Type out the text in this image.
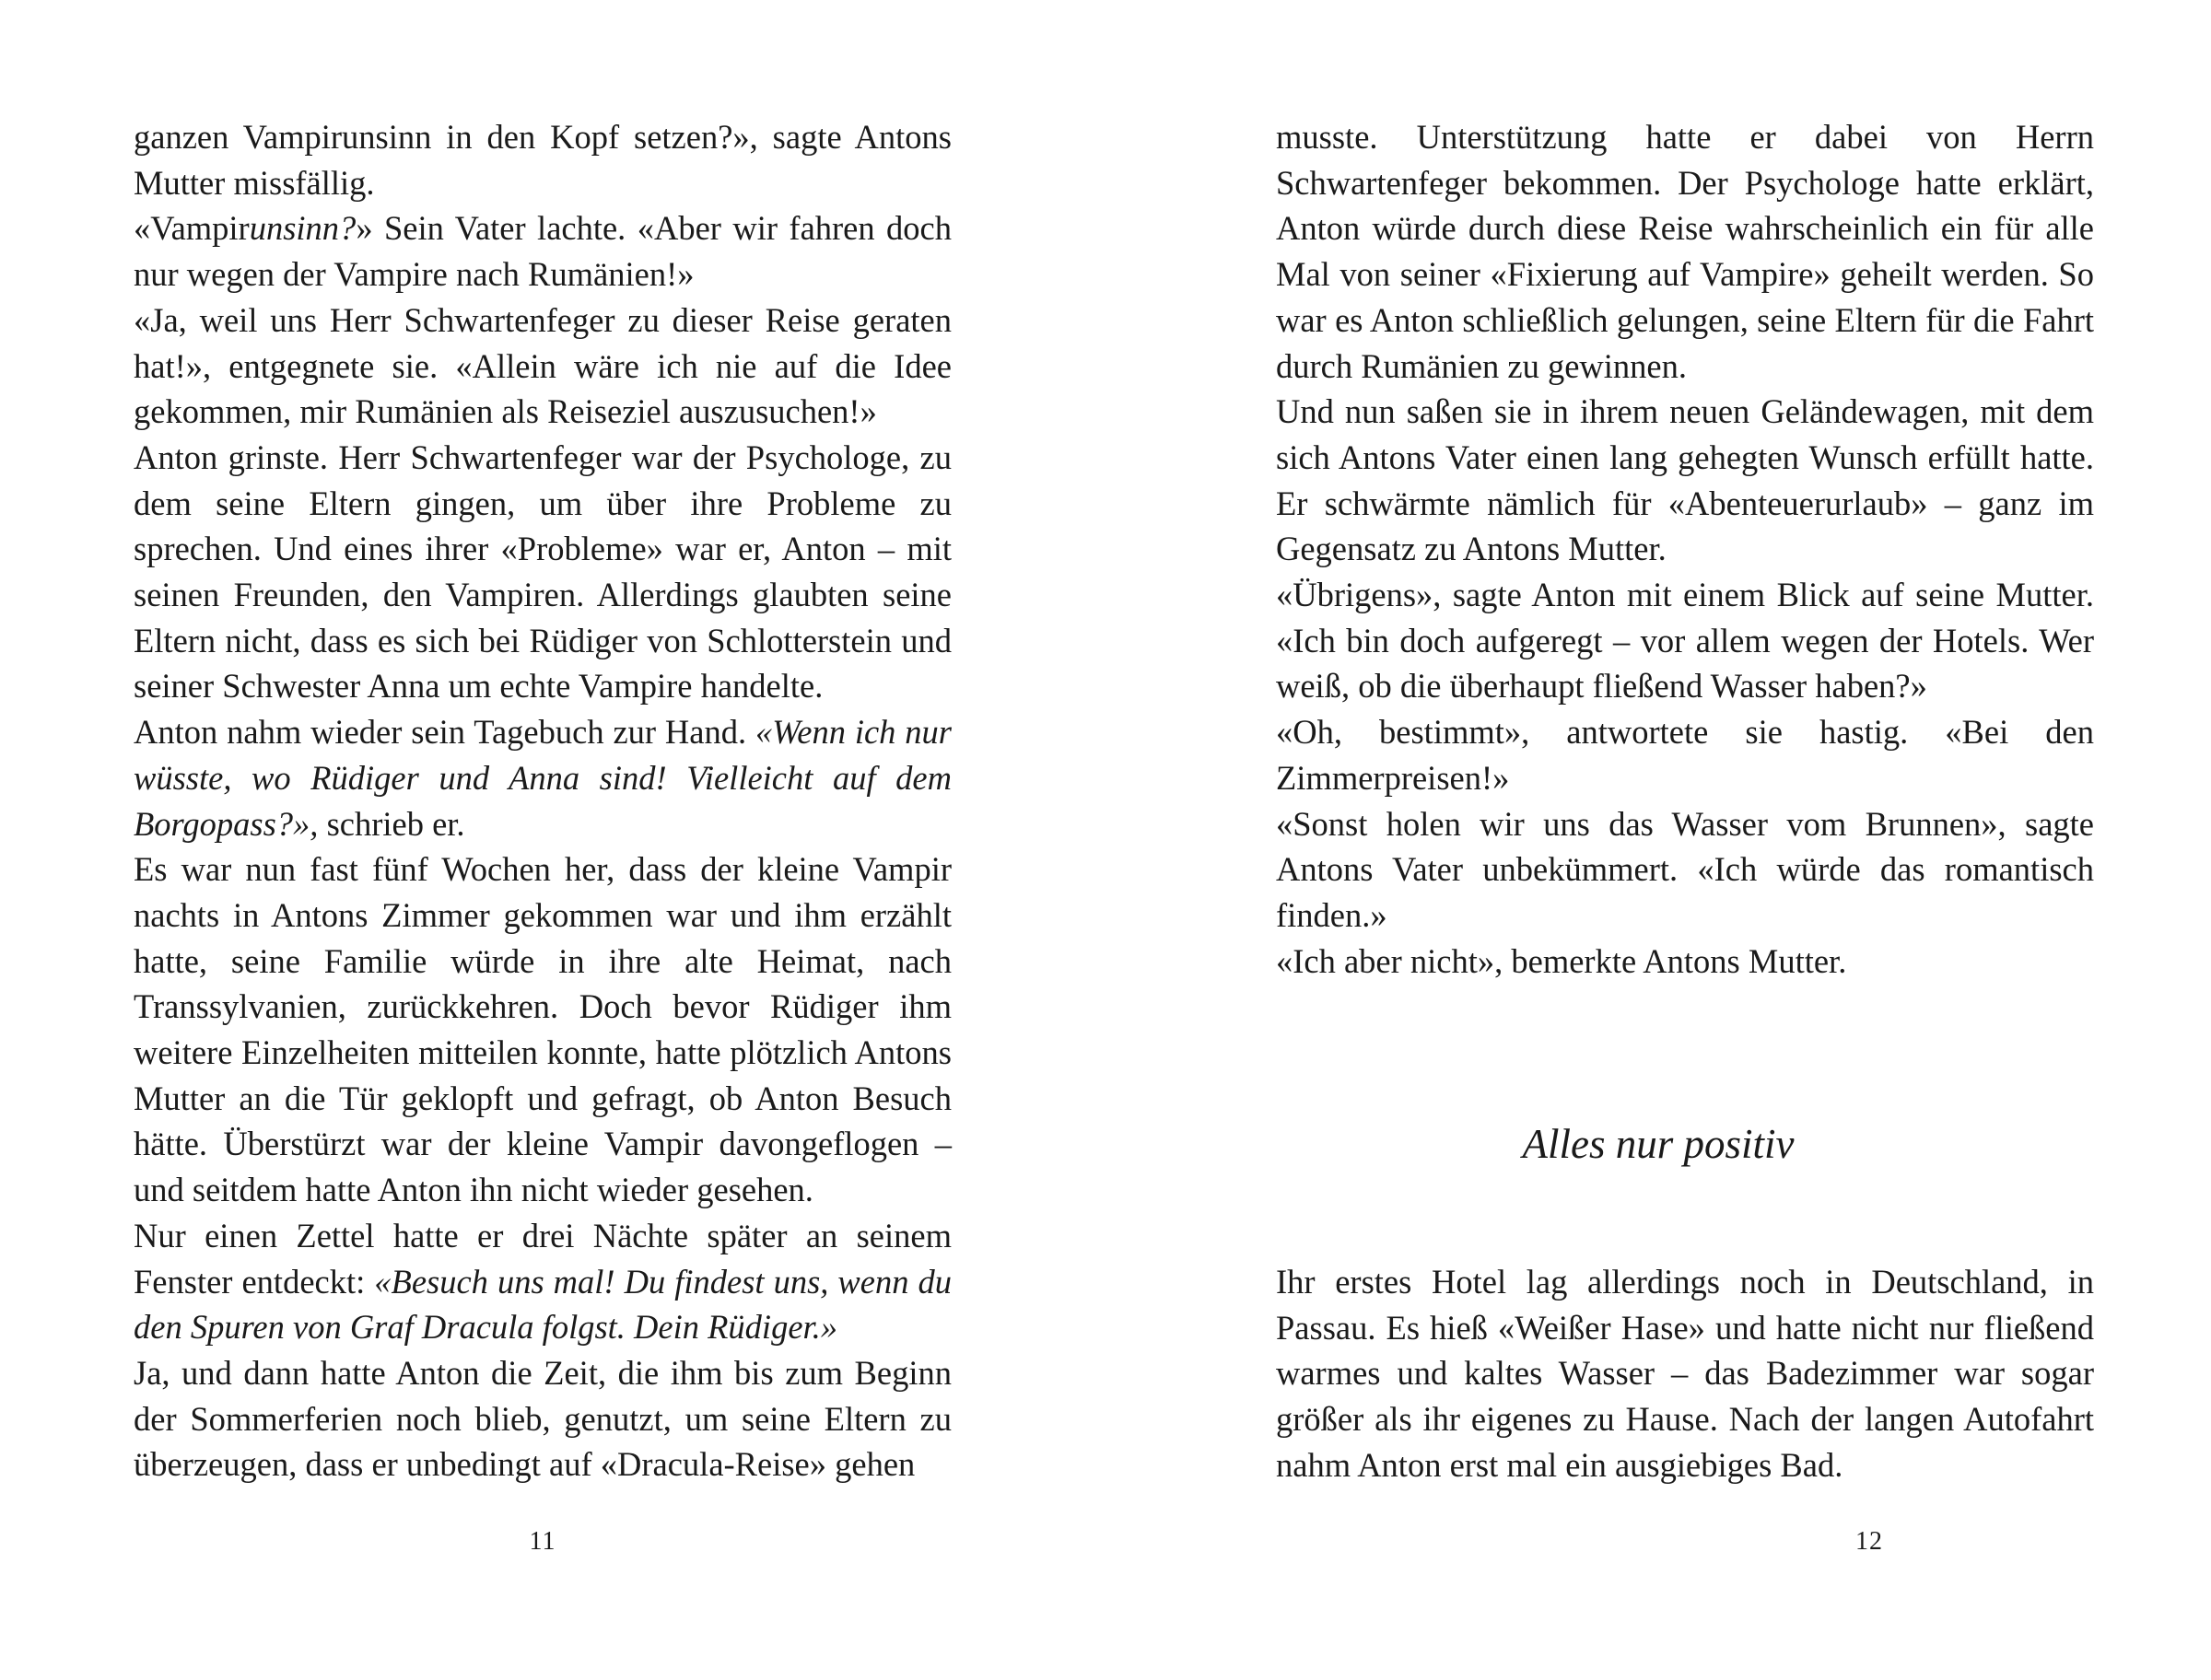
ganzen Vampirunsinn in den Kopf setzen?», sagte Antons Mutter missfällig.

«Vampirunsinn?» Sein Vater lachte. «Aber wir fahren doch nur wegen der Vampire nach Rumänien!»

«Ja, weil uns Herr Schwartenfeger zu dieser Reise geraten hat!», entgegnete sie. «Allein wäre ich nie auf die Idee gekommen, mir Rumänien als Reiseziel auszusuchen!»

Anton grinste. Herr Schwartenfeger war der Psychologe, zu dem seine Eltern gingen, um über ihre Probleme zu sprechen. Und eines ihrer «Probleme» war er, Anton – mit seinen Freunden, den Vampiren. Allerdings glaubten seine Eltern nicht, dass es sich bei Rüdiger von Schlotterstein und seiner Schwester Anna um echte Vampire handelte.

Anton nahm wieder sein Tagebuch zur Hand. «Wenn ich nur wüsste, wo Rüdiger und Anna sind! Vielleicht auf dem Borgopass?», schrieb er.

Es war nun fast fünf Wochen her, dass der kleine Vampir nachts in Antons Zimmer gekommen war und ihm erzählt hatte, seine Familie würde in ihre alte Heimat, nach Transsylvanien, zurückkehren. Doch bevor Rüdiger ihm weitere Einzelheiten mitteilen konnte, hatte plötzlich Antons Mutter an die Tür geklopft und gefragt, ob Anton Besuch hätte. Überstürzt war der kleine Vampir davongeflogen – und seitdem hatte Anton ihn nicht wieder gesehen.

Nur einen Zettel hatte er drei Nächte später an seinem Fenster entdeckt: «Besuch uns mal! Du findest uns, wenn du den Spuren von Graf Dracula folgst. Dein Rüdiger.»

Ja, und dann hatte Anton die Zeit, die ihm bis zum Beginn der Sommerferien noch blieb, genutzt, um seine Eltern zu überzeugen, dass er unbedingt auf «Dracula-Reise» gehen

11

musste. Unterstützung hatte er dabei von Herrn Schwartenfeger bekommen. Der Psychologe hatte erklärt, Anton würde durch diese Reise wahrscheinlich ein für alle Mal von seiner «Fixierung auf Vampire» geheilt werden. So war es Anton schließlich gelungen, seine Eltern für die Fahrt durch Rumänien zu gewinnen.

Und nun saßen sie in ihrem neuen Geländewagen, mit dem sich Antons Vater einen lang gehegten Wunsch erfüllt hatte. Er schwärmte nämlich für «Abenteuerurlaub» – ganz im Gegensatz zu Antons Mutter.

«Übrigens», sagte Anton mit einem Blick auf seine Mutter. «Ich bin doch aufgeregt – vor allem wegen der Hotels. Wer weiß, ob die überhaupt fließend Wasser haben?»

«Oh, bestimmt», antwortete sie hastig. «Bei den Zimmerpreisen!»

«Sonst holen wir uns das Wasser vom Brunnen», sagte Antons Vater unbekümmert. «Ich würde das romantisch finden.»

«Ich aber nicht», bemerkte Antons Mutter.

Alles nur positiv

Ihr erstes Hotel lag allerdings noch in Deutschland, in Passau. Es hieß «Weißer Hase» und hatte nicht nur fließend warmes und kaltes Wasser – das Badezimmer war sogar größer als ihr eigenes zu Hause. Nach der langen Autofahrt nahm Anton erst mal ein ausgiebiges Bad.

12
